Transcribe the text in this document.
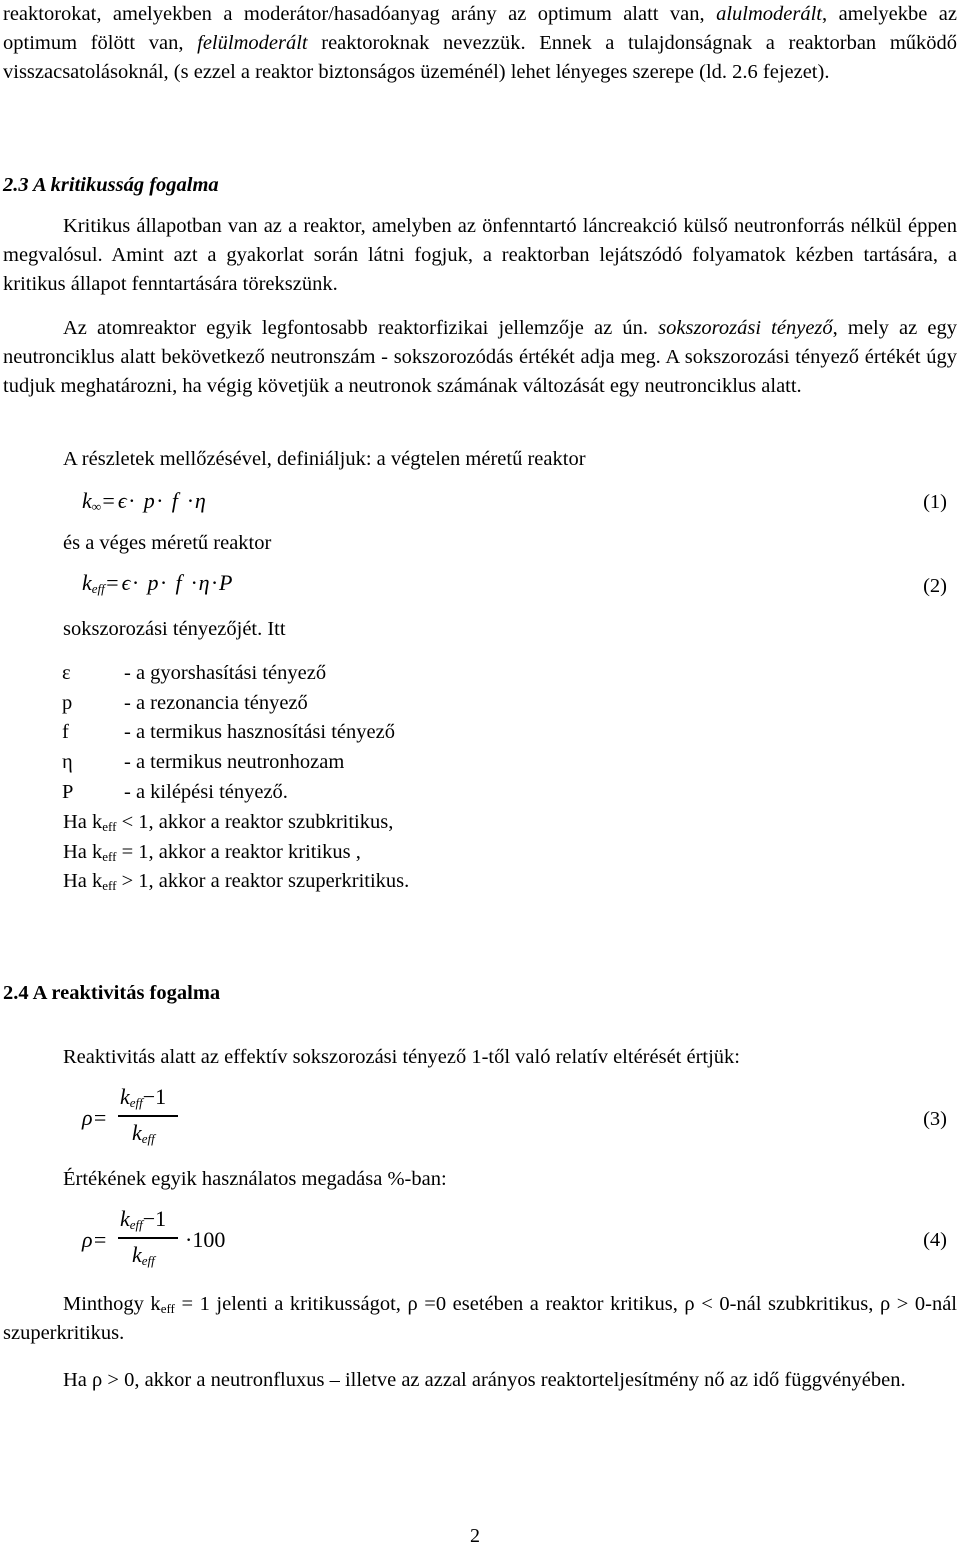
reaktorokat, amelyekben a moderátor/hasadóanyag arány az optimum alatt van, alulmoderált, amelyekbe az optimum fölött van, felülmoderált reaktoroknak nevezzük. Ennek a tulajdonságnak a reaktorban működő visszacsatolásoknál, (s ezzel a reaktor biztonságos üzeménél) lehet lényeges szerepe (ld. 2.6 fejezet).

2.3 A kritikusság fogalma

Kritikus állapotban van az a reaktor, amelyben az önfenntartó láncreakció külső neutronforrás nélkül éppen megvalósul. Amint azt a gyakorlat során látni fogjuk, a reaktorban lejátszódó folyamatok kézben tartására, a kritikus állapot fenntartására törekszünk.

Az atomreaktor egyik legfontosabb reaktorfizikai jellemzője az ún. sokszorozási tényező, mely az egy neutronciklus alatt bekövetkező neutronszám - sokszorozódás értékét adja meg. A sokszorozási tényező értékét úgy tudjuk meghatározni, ha végig követjük a neutronok számának változását egy neutronciklus alatt.

A részletek mellőzésével, definiáljuk: a végtelen méretű reaktor

$k_\infty=\epsilon\cdot p\cdot f \cdot\eta$	(1)

és a véges méretű reaktor

$k_{eff}=\epsilon\cdot p\cdot f \cdot\eta\cdot P$	(2)

sokszorozási tényezőjét. Itt

ε	- a gyorshasítási tényező
p	- a rezonancia tényező
f	- a termikus hasznosítási tényező
η	- a termikus neutronhozam
P	- a kilépési tényező.

Ha $k_{eff} < 1$, akkor a reaktor szubkritikus,

Ha $k_{eff} = 1$, akkor a reaktor kritikus ,

Ha $k_{eff} > 1$, akkor a reaktor szuperkritikus.

2.4 A reaktivitás fogalma

Reaktivitás alatt az effektív sokszorozási tényező 1-től való relatív eltérését értjük:

ρ=
$k_{eff}-1$
$k_{eff}$
(3)

Értékének egyik használatos megadása %-ban:

ρ=
$k_{eff}-1$
$k_{eff}$
·100	(4)

Minthogy $k_{eff} = 1$ jelenti a kritikusságot, ρ =0 esetében a reaktor kritikus, ρ < 0-nál szubkritikus, ρ > 0-nál szuperkritikus.

Ha ρ > 0, akkor a neutronfluxus – illetve az azzal arányos reaktorteljesítmény nő az idő függvényében.

2
